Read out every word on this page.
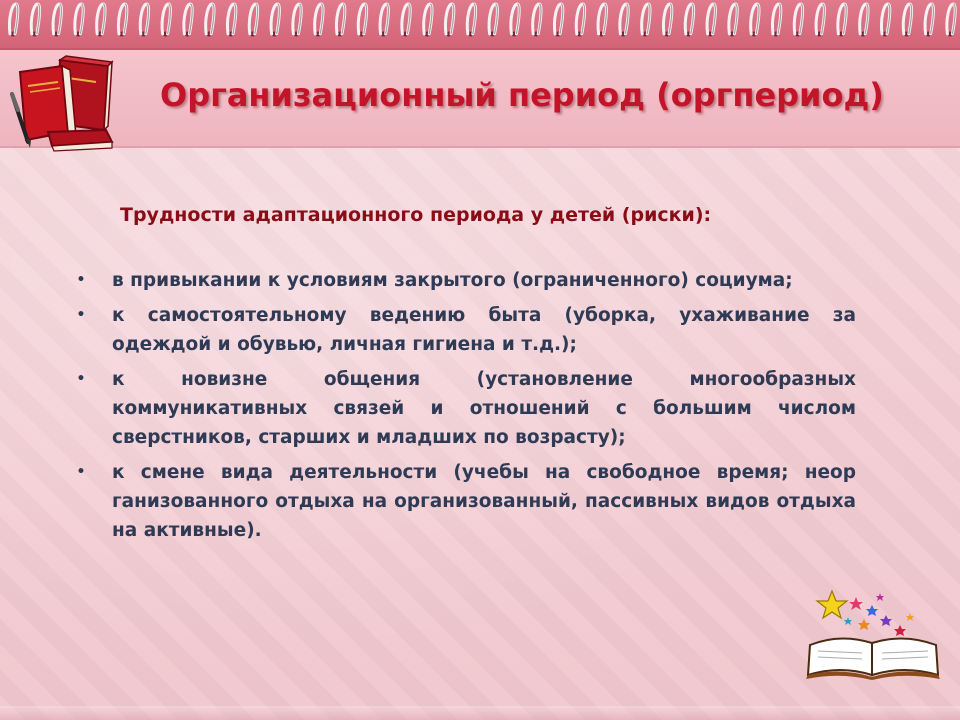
Организационный период (оргпериод)
Трудности адаптационного периода у детей (риски):
• в привыкании к условиям закрытого (ограниченного) социума;
• к самостоятельному ведению быта (уборка, ухаживание за одеждой и обувью, личная гигиена и т.д.);
• к новизне общения (установление многообразных коммуникативных связей и отношений с большим числом сверстников, старших и младших по возрасту);
• к смене вида деятельности (учебы на свободное время; неор ганизованного отдыха на организованный, пассивных видов отдыха на активные).
